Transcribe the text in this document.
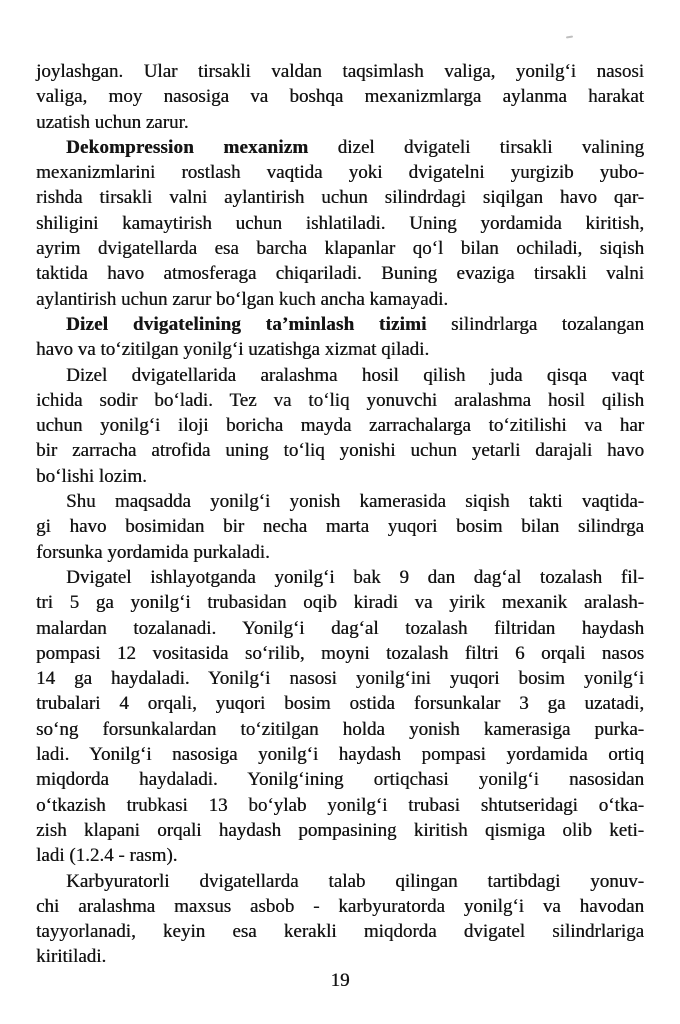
joylashgan. Ular tirsakli valdan taqsimlash valiga, yonilg‘i nasosi
valiga, moy nasosiga va boshqa mexanizmlarga aylanma harakat
uzatish uchun zarur.
Dekompression mexanizm dizel dvigateli tirsakli valining
mexanizmlarini rostlash vaqtida yoki dvigatelni yurgizib yubo-
rishda tirsakli valni aylantirish uchun silindrdagi siqilgan havo qar-
shiligini kamaytirish uchun ishlatiladi. Uning yordamida kiritish,
ayrim dvigatellarda esa barcha klapanlar qo‘l bilan ochiladi, siqish
taktida havo atmosferaga chiqariladi. Buning evaziga tirsakli valni
aylantirish uchun zarur bo‘lgan kuch ancha kamayadi.
Dizel dvigatelining ta’minlash tizimi silindrlarga tozalangan
havo va to‘zitilgan yonilg‘i uzatishga xizmat qiladi.
Dizel dvigatellarida aralashma hosil qilish juda qisqa vaqt
ichida sodir bo‘ladi. Tez va to‘liq yonuvchi aralashma hosil qilish
uchun yonilg‘i iloji boricha mayda zarrachalarga to‘zitilishi va har
bir zarracha atrofida uning to‘liq yonishi uchun yetarli darajali havo
bo‘lishi lozim.
Shu maqsadda yonilg‘i yonish kamerasida siqish takti vaqtida-
gi havo bosimidan bir necha marta yuqori bosim bilan silindrga
forsunka yordamida purkaladi.
Dvigatel ishlayotganda yonilg‘i bak 9 dan dag‘al tozalash fil-
tri 5 ga yonilg‘i trubasidan oqib kiradi va yirik mexanik aralash-
malardan tozalanadi. Yonilg‘i dag‘al tozalash filtridan haydash
pompasi 12 vositasida so‘rilib, moyni tozalash filtri 6 orqali nasos
14 ga haydaladi. Yonilg‘i nasosi yonilg‘ini yuqori bosim yonilg‘i
trubalari 4 orqali, yuqori bosim ostida forsunkalar 3 ga uzatadi,
so‘ng forsunkalardan to‘zitilgan holda yonish kamerasiga purka-
ladi. Yonilg‘i nasosiga yonilg‘i haydash pompasi yordamida ortiq
miqdorda haydaladi. Yonilg‘ining ortiqchasi yonilg‘i nasosidan
o‘tkazish trubkasi 13 bo‘ylab yonilg‘i trubasi shtutseridagi o‘tka-
zish klapani orqali haydash pompasining kiritish qismiga olib keti-
ladi (1.2.4 - rasm).
Karbyuratorli dvigatellarda talab qilingan tartibdagi yonuv-
chi aralashma maxsus asbob - karbyuratorda yonilg‘i va havodan
tayyorlanadi, keyin esa kerakli miqdorda dvigatel silindrlariga
kiritiladi.
19
